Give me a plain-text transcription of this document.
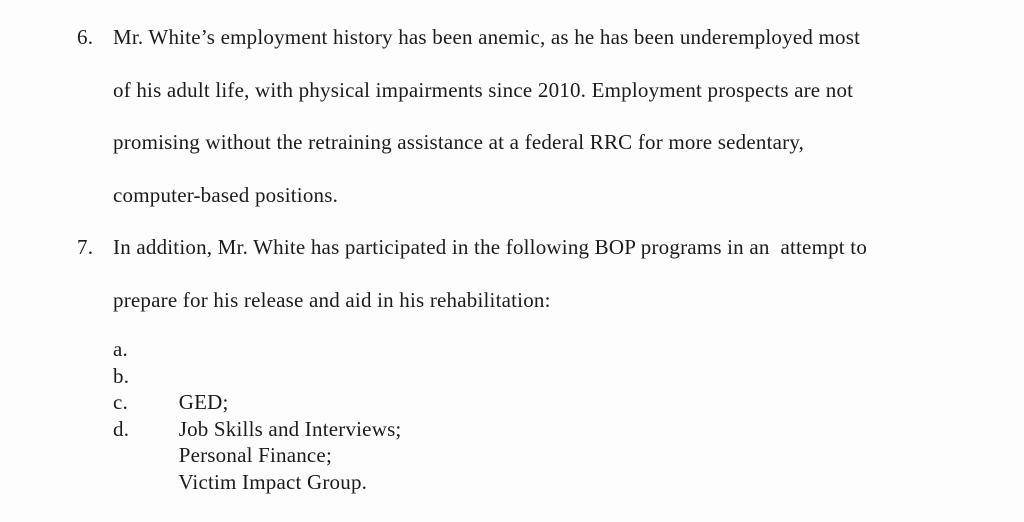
6. Mr. White’s employment history has been anemic, as he has been underemployed most
of his adult life, with physical impairments since 2010. Employment prospects are not
promising without the retraining assistance at a federal RRC for more sedentary,
computer-based positions.
7. In addition, Mr. White has participated in the following BOP programs in an  attempt to
prepare for his release and aid in his rehabilitation:

a.

GED;

b.

Job Skills and Interviews;

c.

Personal Finance;

d.

Victim Impact Group.
